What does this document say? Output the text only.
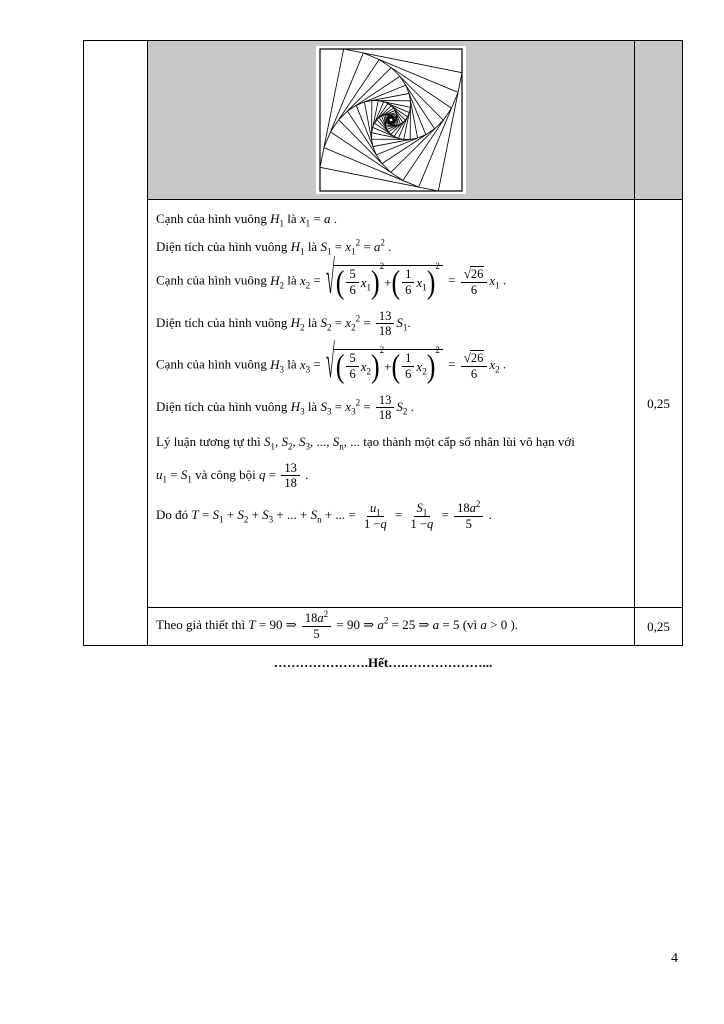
Cạnh của hình vuông $H_1$ là $x_1 = a$ .
Diện tích của hình vuông $H_1$ là $S_1 = x_1^2 = a^2$ .
Cạnh của hình vuông $H_2$ là $x_2$ = √ ( $\frac{5}{6} x_1$ ) 2
+ ( $\frac{1}{6} x_1$ ) 2
= $\frac{√ 26}{6} x_1$ .
Diện tích của hình vuông $H_2$ là $S_2 = x_2^2 = \frac{13}{18} S_1$.
Cạnh của hình vuông $H_3$ là $x_3$ = √ ( $\frac{5}{6} x_2$ ) 2
+ ( $\frac{1}{6} x_2$ ) 2
= $\frac{√ 26}{6} x_2$ .
Diện tích của hình vuông $H_3$ là $S_3 = x_3^2 = \frac{13}{18} S_2$ .
Lý luận tương tự thì $S_1$, $S_2$, $S_3$, ..., $S_n$, ... tạo thành một cấp số nhân lùi vô hạn với
$u_1 = S_1$ và công bội $q = \frac{13}{18}$ .
Do đó $T = S_1 + S_2 + S_3$ + ... + $S_n$ + ... = $\frac{u_1}{1 - q} = \frac{S_1}{1 - q} = \frac{18 a^2}{5}$ .
0,25
Theo giả thiết thì T = 90 ⇒ $\frac{18 a^2}{5} = 90$ ⇒ $a^2 = 25$ ⇒ a = 5 (vì a > 0 ).	0,25
………………….Hết….………………...
4
